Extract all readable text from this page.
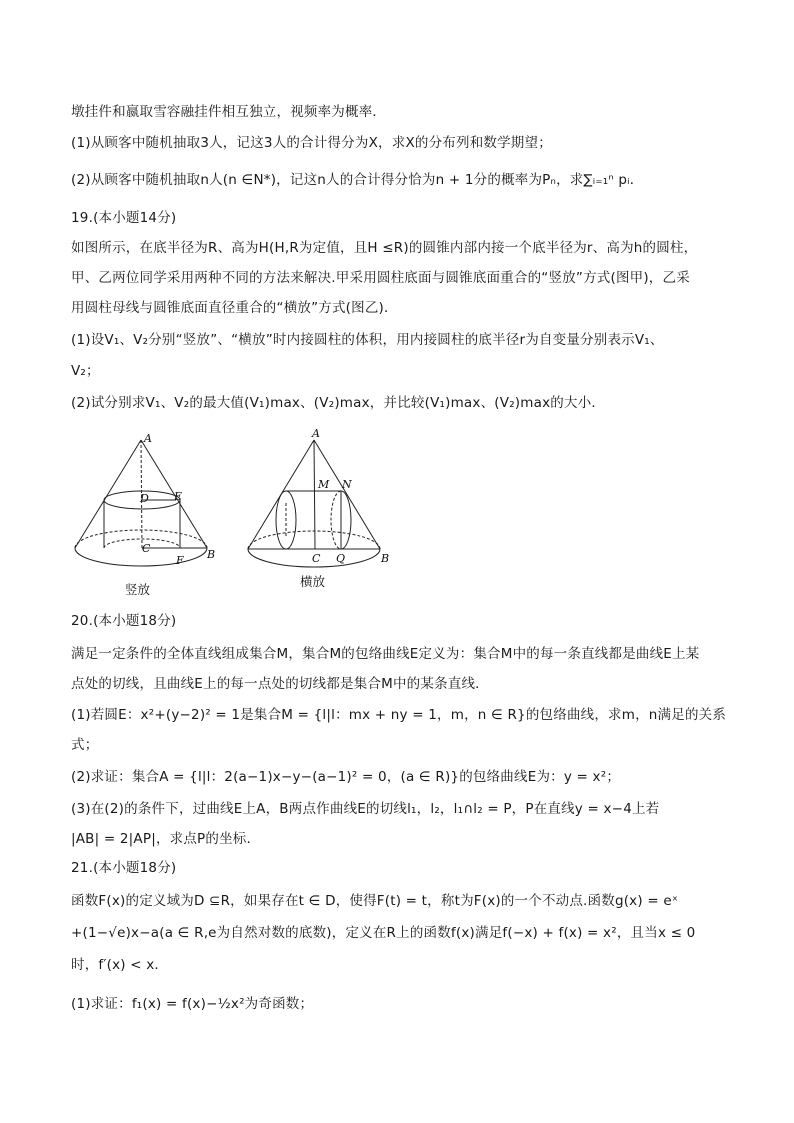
墩挂件和嬴取雪容融挂件相互独立，视频率为概率．
(1)从顾客中随机抽取3人，记这3人的合计得分为X，求X的分布列和数学期望；
(2)从顾客中随机抽取n人(n ∈N*)，记这n人的合计得分恰为n + 1分的概率为Pₙ，求∑ᵢ₌₁ⁿ pᵢ．
19.(本小题14分)
如图所示，在底半径为R、高为H(H,R为定值，且H ≤R)的圆锥内部内接一个底半径为r、高为h的圆柱，
甲、乙两位同学采用两种不同的方法来解决.甲采用圆柱底面与圆锥底面重合的“竖放”方式(图甲)，乙采
用圆柱母线与圆锥底面直径重合的“横放”方式(图乙)．
(1)设V₁、V₂分别“竖放”、“横放”时内接圆柱的体积，用内接圆柱的底半径r为自变量分别表示V₁、
V₂；
(2)试分别求V₁、V₂的最大值(V₁)max、(V₂)max，并比较(V₁)max、(V₂)max的大小．
A
D E
C
F B
竖放
A
M N
C Q	B
横放
20.(本小题18分)
满足一定条件的全体直线组成集合M，集合M的包络曲线E定义为：集合M中的每一条直线都是曲线E上某
点处的切线，且曲线E上的每一点处的切线都是集合M中的某条直线．
(1)若圆E：x²+(y−2)² = 1是集合M = {l|l：mx + ny = 1，m，n ∈ R}的包络曲线，求m，n满足的关系
式；
(2)求证：集合A = {l|l：2(a−1)x−y−(a−1)² = 0，(a ∈ R)}的包络曲线E为：y = x²；
(3)在(2)的条件下，过曲线E上A，B两点作曲线E的切线l₁，l₂，l₁∩l₂ = P，P在直线y = x−4上若
|AB| = 2|AP|，求点P的坐标．
21.(本小题18分)
函数F(x)的定义域为D ⊆R，如果存在t ∈ D，使得F(t) = t，称t为F(x)的一个不动点.函数g(x) = eˣ
+(1−√e)x−a(a ∈ R,e为自然对数的底数)，定义在R上的函数f(x)满足f(−x) + f(x) = x²，且当x ≤ 0
时，f′(x) < x．
(1)求证：f₁(x) = f(x)−½x²为奇函数；
